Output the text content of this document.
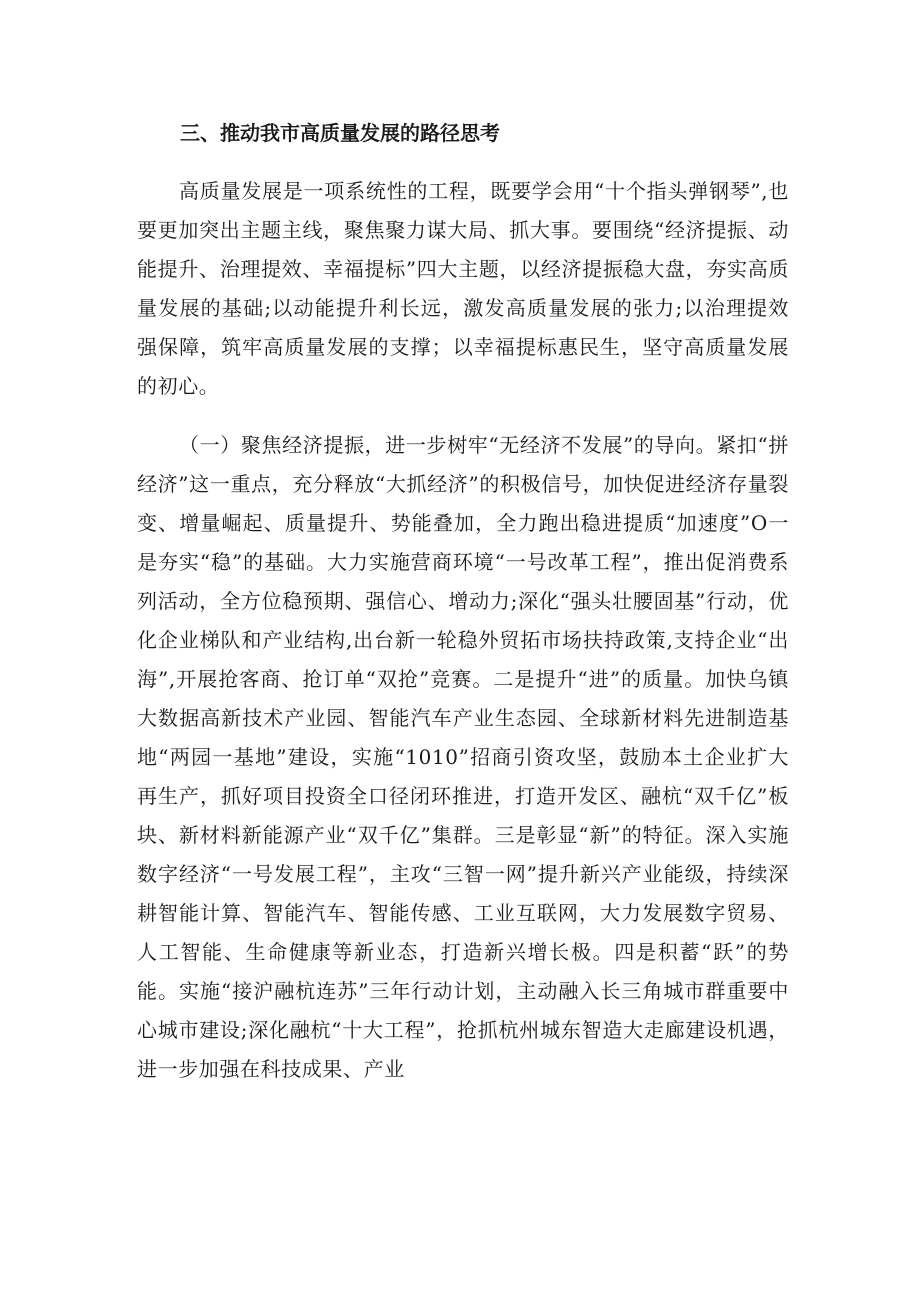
三、推动我市高质量发展的路径思考

高质量发展是一项系统性的工程，既要学会用“十个指头弹钢琴”,也要更加突出主题主线，聚焦聚力谋大局、抓大事。要围绕“经济提振、动能提升、治理提效、幸福提标”四大主题，以经济提振稳大盘，夯实高质量发展的基础;以动能提升利长远，激发高质量发展的张力;以治理提效强保障，筑牢高质量发展的支撑；以幸福提标惠民生，坚守高质量发展的初心。

（一）聚焦经济提振，进一步树牢“无经济不发展”的导向。紧扣“拼经济”这一重点，充分释放“大抓经济”的积极信号，加快促进经济存量裂变、增量崛起、质量提升、势能叠加，全力跑出稳进提质“加速度”O一是夯实“稳”的基础。大力实施营商环境“一号改革工程”，推出促消费系列活动，全方位稳预期、强信心、增动力;深化“强头壮腰固基”行动，优化企业梯队和产业结构,出台新一轮稳外贸拓市场扶持政策,支持企业“出海”,开展抢客商、抢订单“双抢”竞赛。二是提升“进”的质量。加快乌镇大数据高新技术产业园、智能汽车产业生态园、全球新材料先进制造基地“两园一基地”建设，实施“1010”招商引资攻坚，鼓励本土企业扩大再生产，抓好项目投资全口径闭环推进，打造开发区、融杭“双千亿”板块、新材料新能源产业“双千亿”集群。三是彰显“新”的特征。深入实施数字经济“一号发展工程”，主攻“三智一网”提升新兴产业能级，持续深耕智能计算、智能汽车、智能传感、工业互联网，大力发展数字贸易、人工智能、生命健康等新业态，打造新兴增长极。四是积蓄“跃”的势能。实施“接沪融杭连苏”三年行动计划，主动融入长三角城市群重要中心城市建设;深化融杭“十大工程”，抢抓杭州城东智造大走廊建设机遇，进一步加强在科技成果、产业
